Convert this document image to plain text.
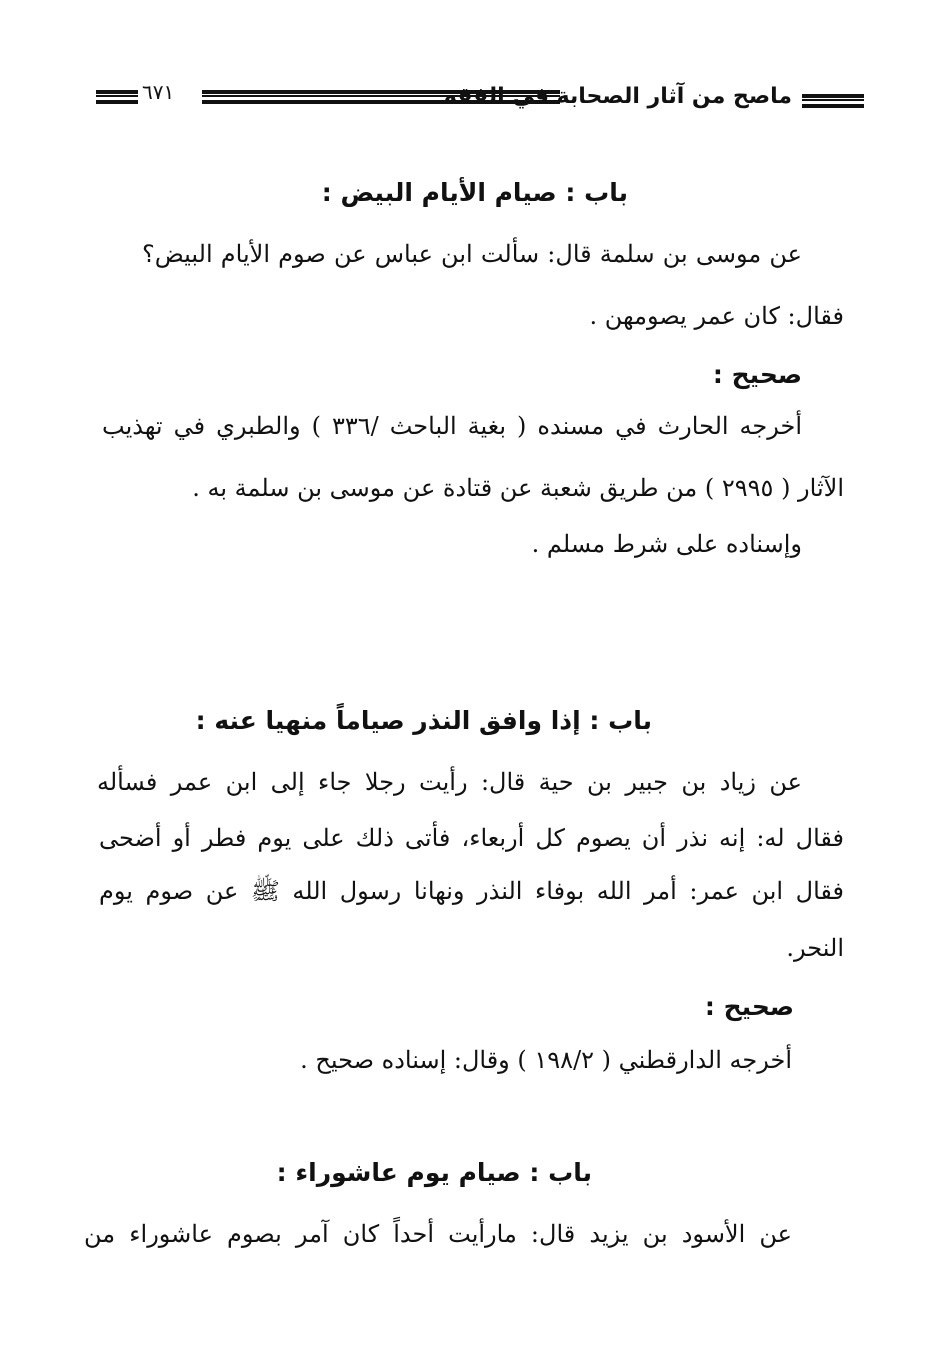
ماصح من آثار الصحابة في الفقه
٦٧١
باب : صيام الأيام البيض :
عن موسى بن سلمة قال: سألت ابن عباس عن صوم الأيام البيض؟
فقال: كان عمر يصومهن .
صحيح :
أخرجه الحارث في مسنده ( بغية الباحث /٣٣٦ ) والطبري في تهذيب
الآثار ( ٢٩٩٥ ) من طريق شعبة عن قتادة عن موسى بن سلمة به .
وإسناده على شرط مسلم .
باب : إذا وافق النذر صياماً منهيا عنه :
عن زياد بن جبير بن حية قال: رأيت رجلا جاء إلى ابن عمر فسأله
فقال له: إنه نذر أن يصوم كل أربعاء، فأتى ذلك على يوم فطر أو أضحى
فقال ابن عمر: أمر الله بوفاء النذر ونهانا رسول الله ﷺ عن صوم يوم
النحر.
صحيح :
أخرجه الدارقطني ( ١٩٨/٢ ) وقال: إسناده صحيح .
باب : صيام يوم عاشوراء :
عن الأسود بن يزيد قال: مارأيت أحداً كان آمر بصوم عاشوراء من
